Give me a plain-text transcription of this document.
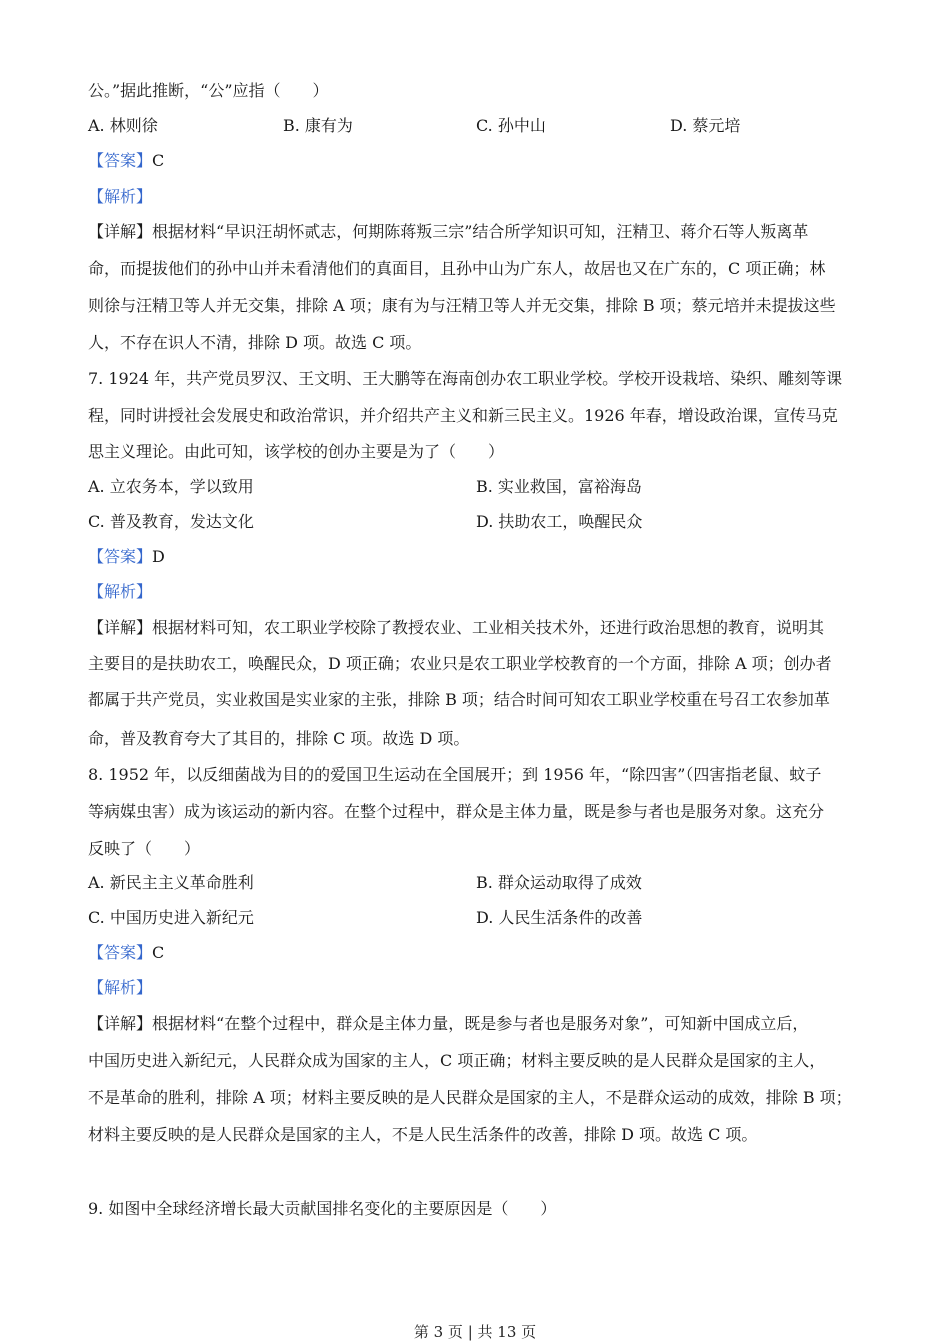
公。”据此推断，“公”应指（　　）
A. 林则徐	B. 康有为	C. 孙中山	D. 蔡元培
【答案】C
【解析】
【详解】根据材料“早识汪胡怀贰志，何期陈蒋叛三宗”结合所学知识可知，汪精卫、蒋介石等人叛离革
命，而提拔他们的孙中山并未看清他们的真面目，且孙中山为广东人，故居也又在广东的，C 项正确；林
则徐与汪精卫等人并无交集，排除 A 项；康有为与汪精卫等人并无交集，排除 B 项；蔡元培并未提拔这些
人，不存在识人不清，排除 D 项。故选 C 项。
7. 1924 年，共产党员罗汉、王文明、王大鹏等在海南创办农工职业学校。学校开设栽培、染织、雕刻等课
程，同时讲授社会发展史和政治常识，并介绍共产主义和新三民主义。1926 年春，增设政治课，宣传马克
思主义理论。由此可知，该学校的创办主要是为了（　　）
A. 立农务本，学以致用	B. 实业救国，富裕海岛
C. 普及教育，发达文化	D. 扶助农工，唤醒民众
【答案】D
【解析】
【详解】根据材料可知，农工职业学校除了教授农业、工业相关技术外，还进行政治思想的教育，说明其
主要目的是扶助农工，唤醒民众，D 项正确；农业只是农工职业学校教育的一个方面，排除 A 项；创办者
都属于共产党员，实业救国是实业家的主张，排除 B 项；结合时间可知农工职业学校重在号召工农参加革
命，普及教育夸大了其目的，排除 C 项。故选 D 项。
8. 1952 年，以反细菌战为目的的爱国卫生运动在全国展开；到 1956 年，“除四害”（四害指老鼠、蚊子
等病媒虫害）成为该运动的新内容。在整个过程中，群众是主体力量，既是参与者也是服务对象。这充分
反映了（　　）
A. 新民主主义革命胜利	B. 群众运动取得了成效
C. 中国历史进入新纪元	D. 人民生活条件的改善
【答案】C
【解析】
【详解】根据材料“在整个过程中，群众是主体力量，既是参与者也是服务对象”，可知新中国成立后，
中国历史进入新纪元，人民群众成为国家的主人，C 项正确；材料主要反映的是人民群众是国家的主人，
不是革命的胜利，排除 A 项；材料主要反映的是人民群众是国家的主人，不是群众运动的成效，排除 B 项；
材料主要反映的是人民群众是国家的主人，不是人民生活条件的改善，排除 D 项。故选 C 项。
9. 如图中全球经济增长最大贡献国排名变化的主要原因是（　　）
第 3 页 | 共 13 页
